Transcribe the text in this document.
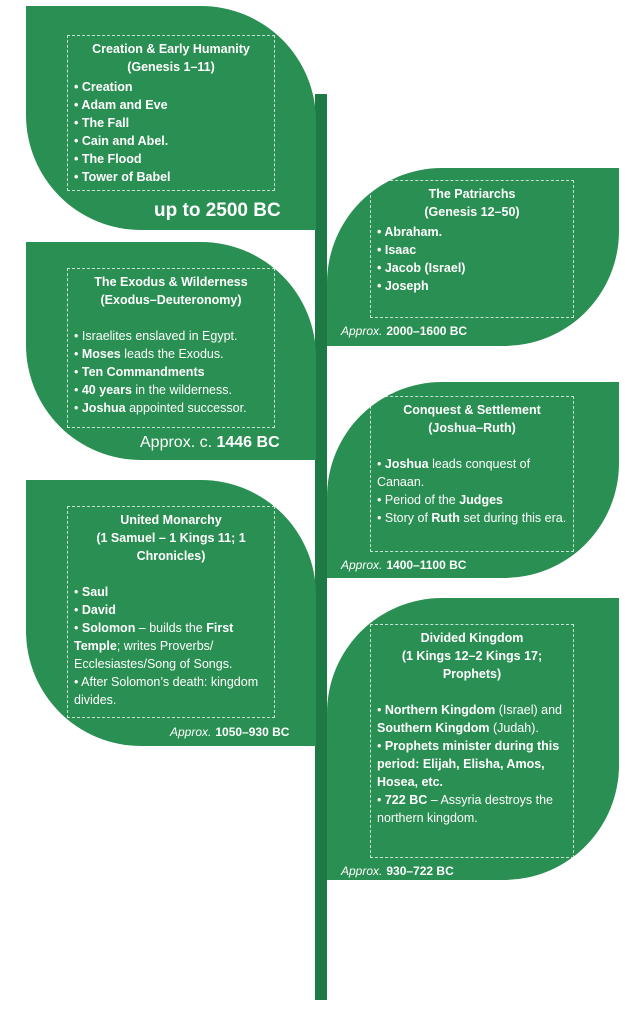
Creation & Early Humanity
(Genesis 1–11)
• Creation
• Adam and Eve
• The Fall
• Cain and Abel.
• The Flood
• Tower of Babel
up to 2500 BC
The Patriarchs
(Genesis 12–50)
• Abraham.
• Isaac
• Jacob (Israel)
• Joseph
Approx. 2000–1600 BC
The Exodus & Wilderness
(Exodus–Deuteronomy)
• Israelites enslaved in Egypt.
• Moses leads the Exodus.
• Ten Commandments
• 40 years in the wilderness.
• Joshua appointed successor.
Approx. c. 1446 BC
Conquest & Settlement
(Joshua–Ruth)
• Joshua leads conquest of Canaan.
• Period of the Judges
• Story of Ruth set during this era.
Approx. 1400–1100 BC
United Monarchy
(1 Samuel – 1 Kings 11; 1 Chronicles)
• Saul
• David
• Solomon – builds the First Temple; writes Proverbs/ Ecclesiastes/Song of Songs.
• After Solomon’s death: kingdom divides.
Approx. 1050–930 BC
Divided Kingdom
(1 Kings 12–2 Kings 17; Prophets)
• Northern Kingdom (Israel) and Southern Kingdom (Judah).
• Prophets minister during this period: Elijah, Elisha, Amos, Hosea, etc.
• 722 BC – Assyria destroys the northern kingdom.
Approx. 930–722 BC
